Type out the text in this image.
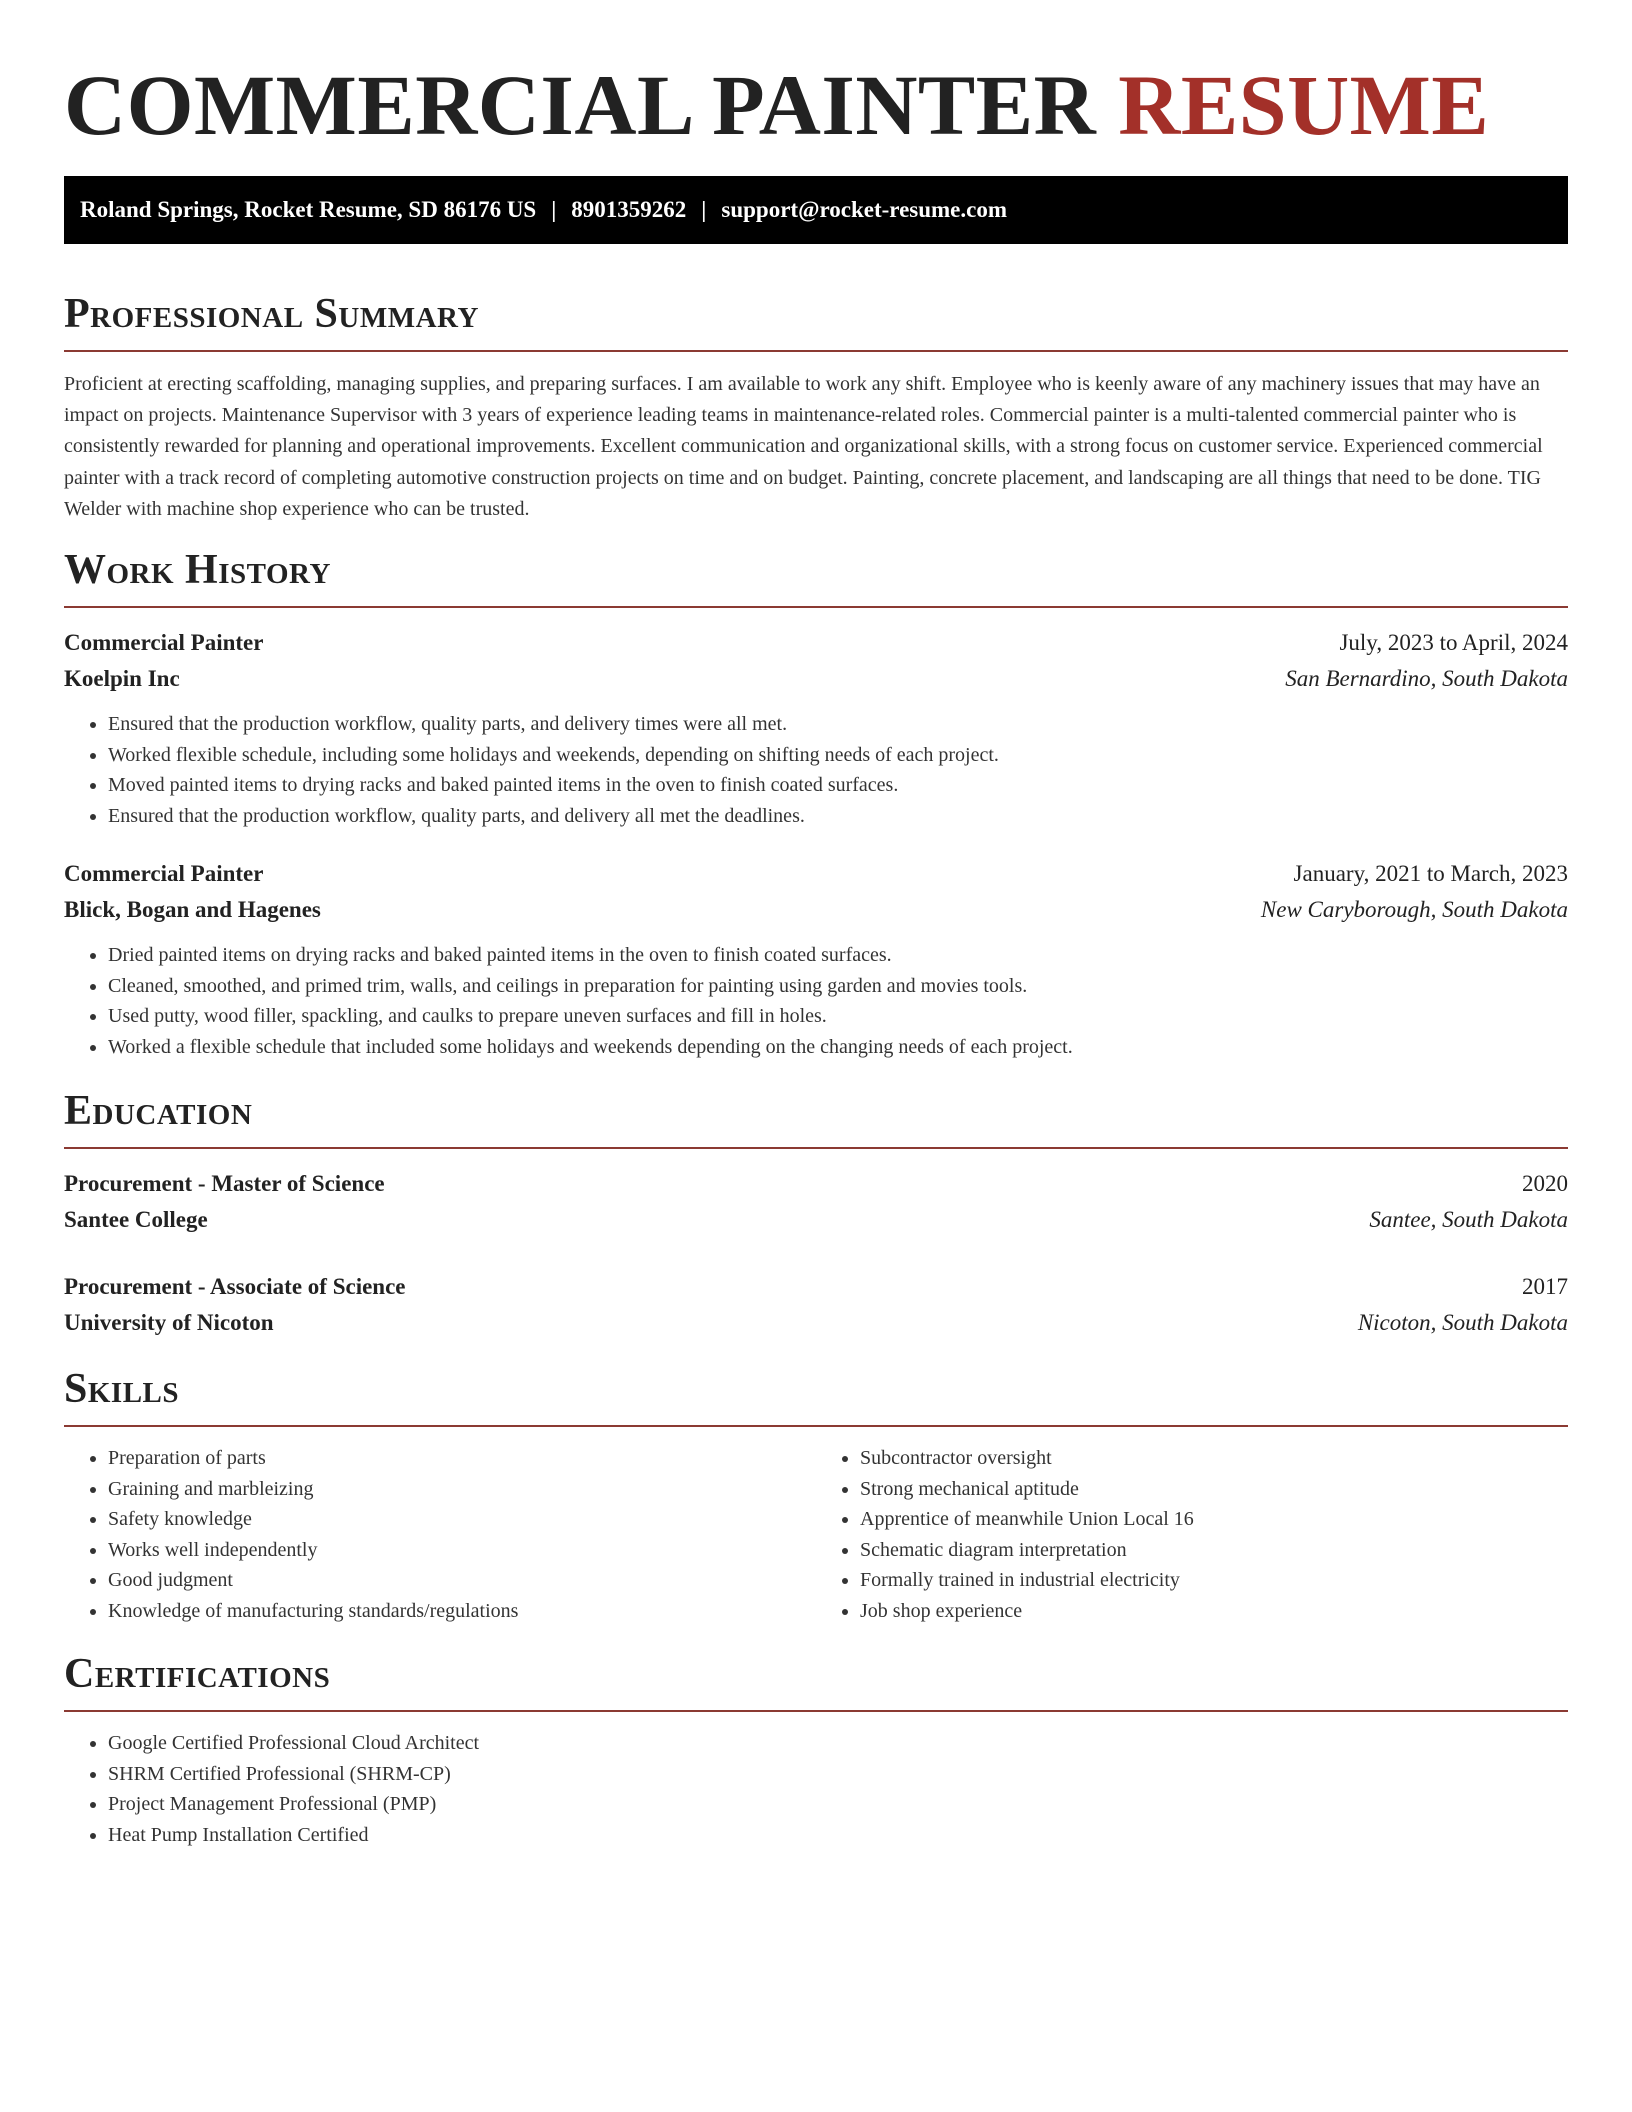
COMMERCIAL PAINTER RESUME
Roland Springs, Rocket Resume, SD 86176 US | 8901359262 | support@rocket-resume.com
Professional Summary

Proficient at erecting scaffolding, managing supplies, and preparing surfaces. I am available to work any shift. Employee who is keenly aware of any machinery issues that may have an impact on projects. Maintenance Supervisor with 3 years of experience leading teams in maintenance-related roles. Commercial painter is a multi-talented commercial painter who is consistently rewarded for planning and operational improvements. Excellent communication and organizational skills, with a strong focus on customer service. Experienced commercial painter with a track record of completing automotive construction projects on time and on budget. Painting, concrete placement, and landscaping are all things that need to be done. TIG Welder with machine shop experience who can be trusted.

Work History
Commercial Painter	July, 2023 to April, 2024
Koelpin Inc	San Bernardino, South Dakota
• Ensured that the production workflow, quality parts, and delivery times were all met.
• Worked flexible schedule, including some holidays and weekends, depending on shifting needs of each project.
• Moved painted items to drying racks and baked painted items in the oven to finish coated surfaces.
• Ensured that the production workflow, quality parts, and delivery all met the deadlines.
Commercial Painter	January, 2021 to March, 2023
Blick, Bogan and Hagenes	New Caryborough, South Dakota
• Dried painted items on drying racks and baked painted items in the oven to finish coated surfaces.
• Cleaned, smoothed, and primed trim, walls, and ceilings in preparation for painting using garden and movies tools.
• Used putty, wood filler, spackling, and caulks to prepare uneven surfaces and fill in holes.
• Worked a flexible schedule that included some holidays and weekends depending on the changing needs of each project.
Education
Procurement - Master of Science	2020
Santee College	Santee, South Dakota
Procurement - Associate of Science	2017
University of Nicoton	Nicoton, South Dakota
Skills
• Preparation of parts
• Graining and marbleizing
• Safety knowledge
• Works well independently
• Good judgment
• Knowledge of manufacturing standards/regulations
• Subcontractor oversight
• Strong mechanical aptitude
• Apprentice of meanwhile Union Local 16
• Schematic diagram interpretation
• Formally trained in industrial electricity
• Job shop experience
Certifications
• Google Certified Professional Cloud Architect
• SHRM Certified Professional (SHRM-CP)
• Project Management Professional (PMP)
• Heat Pump Installation Certified
